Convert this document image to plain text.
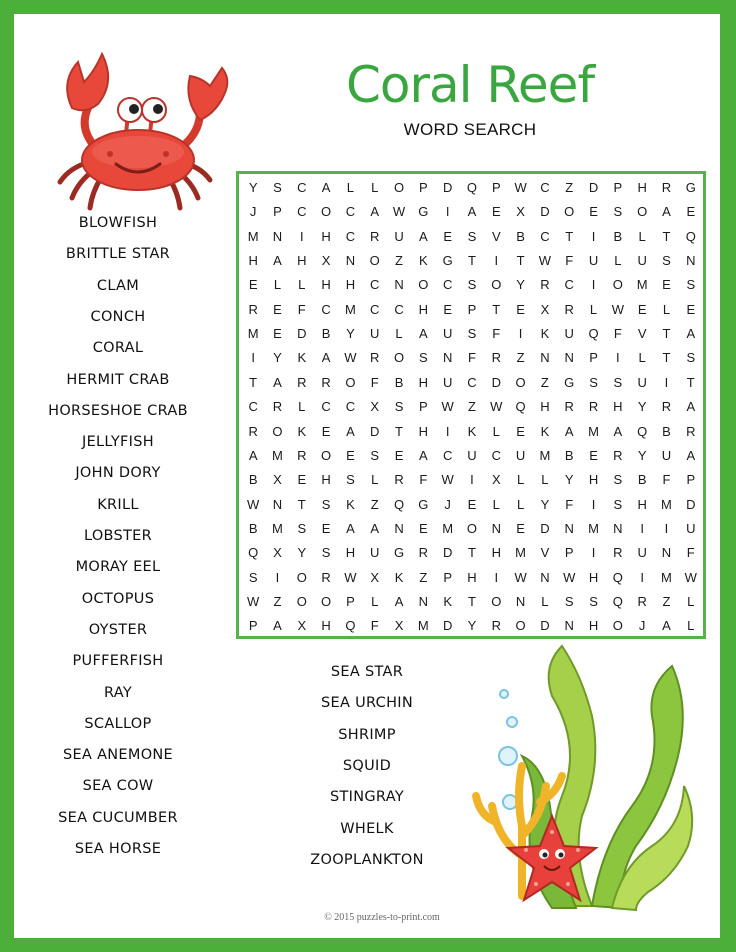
Coral Reef
WORD SEARCH
Y	S	C	A	L	L	O	P	D	Q	P	W	C	Z	D	P	H	R	G
J	P	C	O	C	A	W	G	I	A	E	X	D	O	E	S	O	A	E
M	N	I	H	C	R	U	A	E	S	V	B	C	T	I	B	L	T	Q
H	A	H	X	N	O	Z	K	G	T	I	T	W	F	U	L	U	S	N
E	L	L	H	H	C	N	O	C	S	O	Y	R	C	I	O	M	E	S
R	E	F	C	M	C	C	H	E	P	T	E	X	R	L	W	E	L	E
M	E	D	B	Y	U	L	A	U	S	F	I	K	U	Q	F	V	T	A
I	Y	K	A	W	R	O	S	N	F	R	Z	N	N	P	I	L	T	S
T	A	R	R	O	F	B	H	U	C	D	O	Z	G	S	S	U	I	T
C	R	L	C	C	X	S	P	W	Z	W	Q	H	R	R	H	Y	R	A
R	O	K	E	A	D	T	H	I	K	L	E	K	A	M	A	Q	B	R
A	M	R	O	E	S	E	A	C	U	C	U	M	B	E	R	Y	U	A
B	X	E	H	S	L	R	F	W	I	X	L	L	Y	H	S	B	F	P
W	N	T	S	K	Z	Q	G	J	E	L	L	Y	F	I	S	H	M	D
B	M	S	E	A	A	N	E	M	O	N	E	D	N	M	N	I	I	U
Q	X	Y	S	H	U	G	R	D	T	H	M	V	P	I	R	U	N	F
S	I	O	R	W	X	K	Z	P	H	I	W	N	W	H	Q	I	M W
W	Z	O	O	P	L	A	N	K	T	O	N	L	S	S	Q	R	Z	L
P	A	X	H	Q	F	X	M	D	Y	R	O	D	N	H	O	J	A	L
BLOWFISH
BRITTLE STAR
CLAM
CONCH
CORAL
HERMIT CRAB
HORSESHOE CRAB
JELLYFISH
JOHN DORY
KRILL
LOBSTER
MORAY EEL
OCTOPUS
OYSTER
PUFFERFISH
RAY
SCALLOP
SEA ANEMONE
SEA COW
SEA CUCUMBER
SEA HORSE
SEA STAR
SEA URCHIN
SHRIMP
SQUID
STINGRAY
WHELK
ZOOPLANKTON
© 2015 puzzles-to-print.com
